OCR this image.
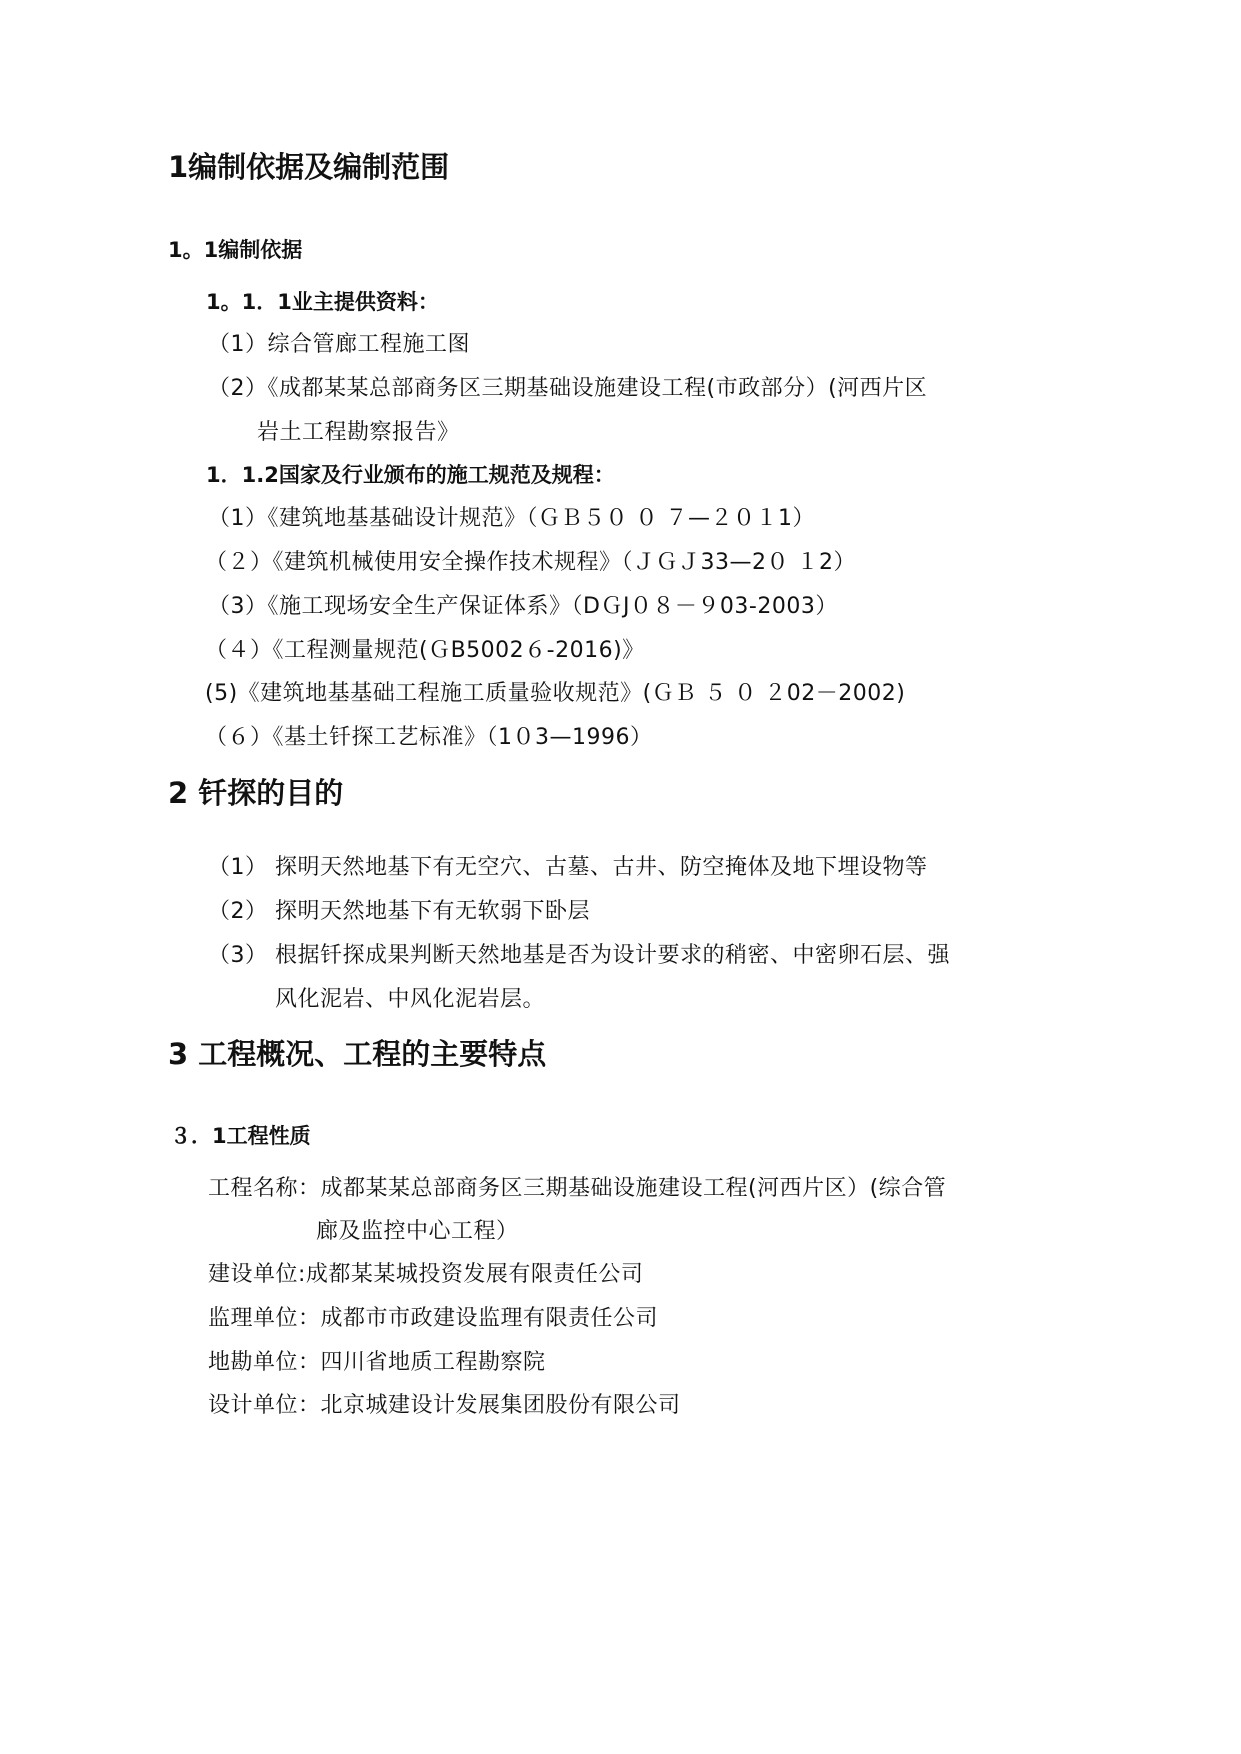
1编制依据及编制范围
1。1编制依据
1。1．1业主提供资料：
（1）综合管廊工程施工图
（2）《成都某某总部商务区三期基础设施建设工程(市政部分）(河西片区
岩土工程勘察报告》
1．1.2国家及行业颁布的施工规范及规程：
（1）《建筑地基基础设计规范》（ＧＢ５０ ０ ７—２０１1）
（２）《建筑机械使用安全操作技术规程》（ＪＧＪ33—2０ １2）
（3）《施工现场安全生产保证体系》（DＧJ０８－９03-2003）
（４）《工程测量规范(ＧB5002６-2016)》
(5)《建筑地基基础工程施工质量验收规范》(ＧＢ ５ ０ ２02－2002)
（６）《基土钎探工艺标准》（1０3—1996）
2 钎探的目的
（1） 探明天然地基下有无空穴、古墓、古井、防空掩体及地下埋设物等
（2） 探明天然地基下有无软弱下卧层
（3） 根据钎探成果判断天然地基是否为设计要求的稍密、中密卵石层、强
风化泥岩、中风化泥岩层。
3 工程概况、工程的主要特点
３．1工程性质
工程名称：成都某某总部商务区三期基础设施建设工程(河西片区）(综合管
廊及监控中心工程）
建设单位:成都某某城投资发展有限责任公司
监理单位：成都市市政建设监理有限责任公司
地勘单位：四川省地质工程勘察院
设计单位：北京城建设计发展集团股份有限公司
